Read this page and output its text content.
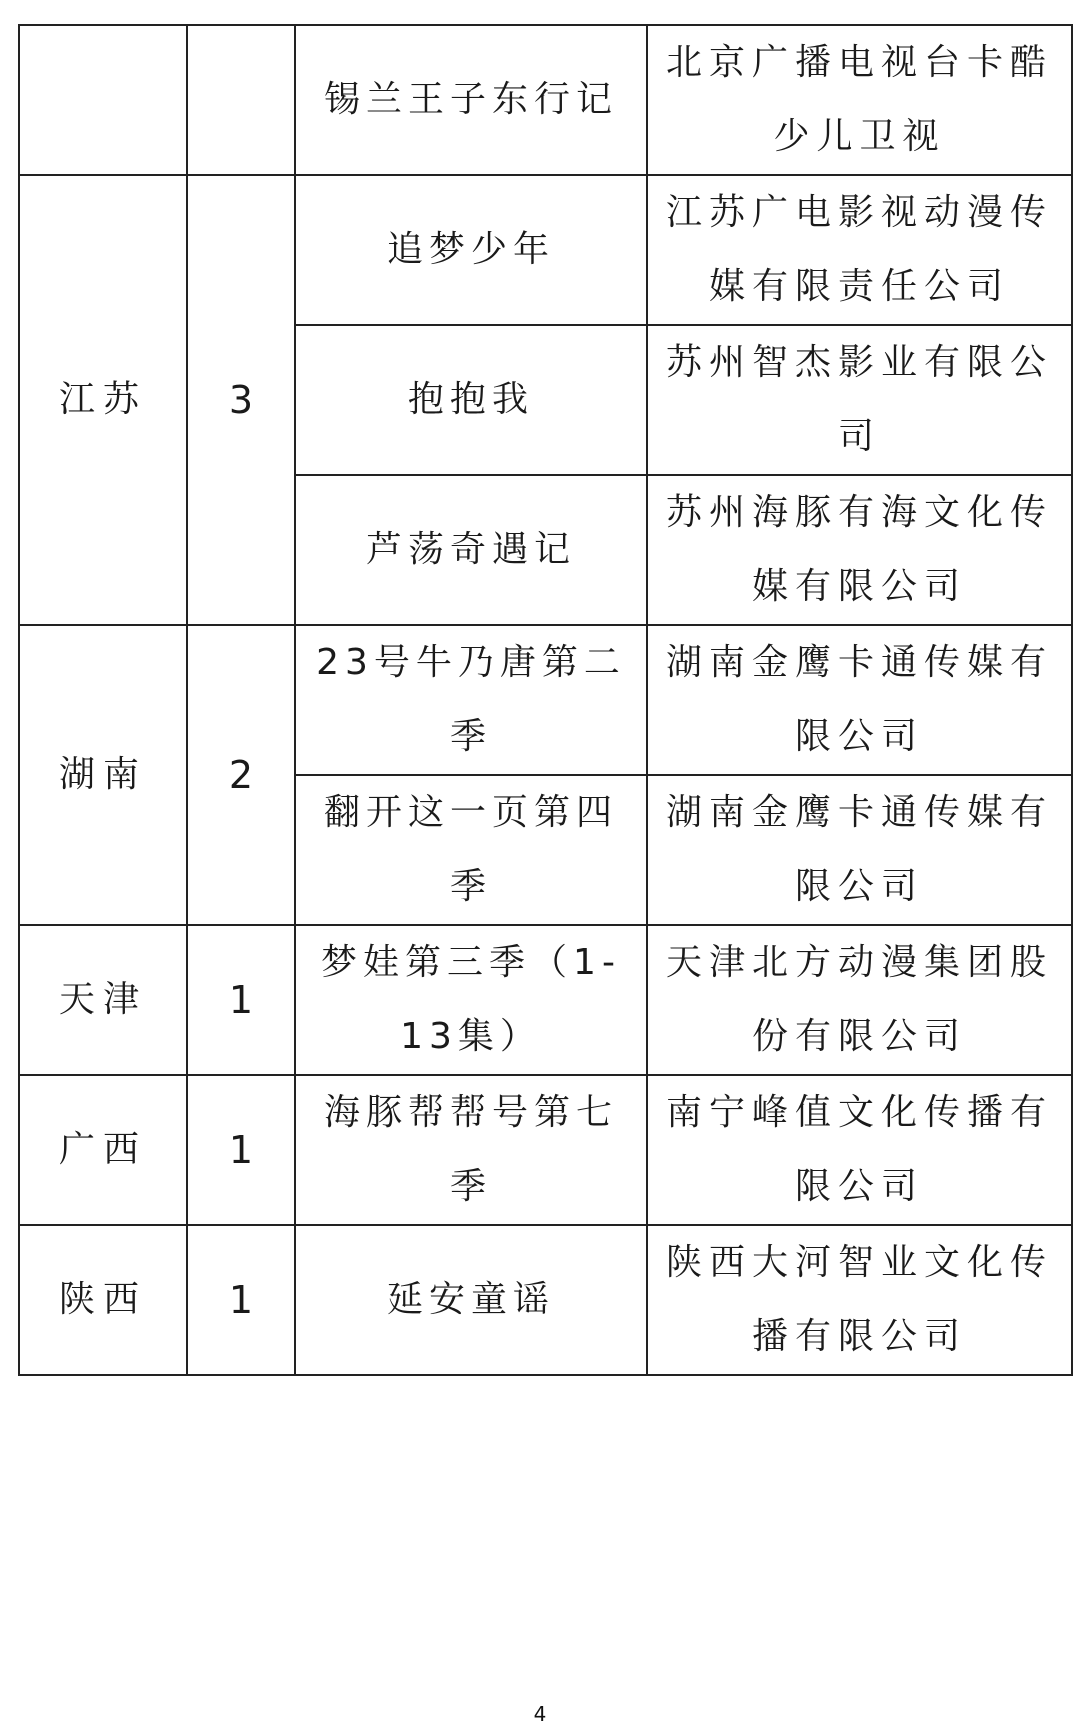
		锡兰王子东行记	北京广播电视台卡酷少儿卫视
江苏	3	追梦少年	江苏广电影视动漫传媒有限责任公司
		抱抱我	苏州智杰影业有限公司
		芦荡奇遇记	苏州海豚有海文化传媒有限公司
湖南	2	23号牛乃唐第二季	湖南金鹰卡通传媒有限公司
		翻开这一页第四季	湖南金鹰卡通传媒有限公司
天津	1	梦娃第三季（1-13集）	天津北方动漫集团股份有限公司
广西	1	海豚帮帮号第七季	南宁峰值文化传播有限公司
陕西	1	延安童谣	陕西大河智业文化传播有限公司
4
